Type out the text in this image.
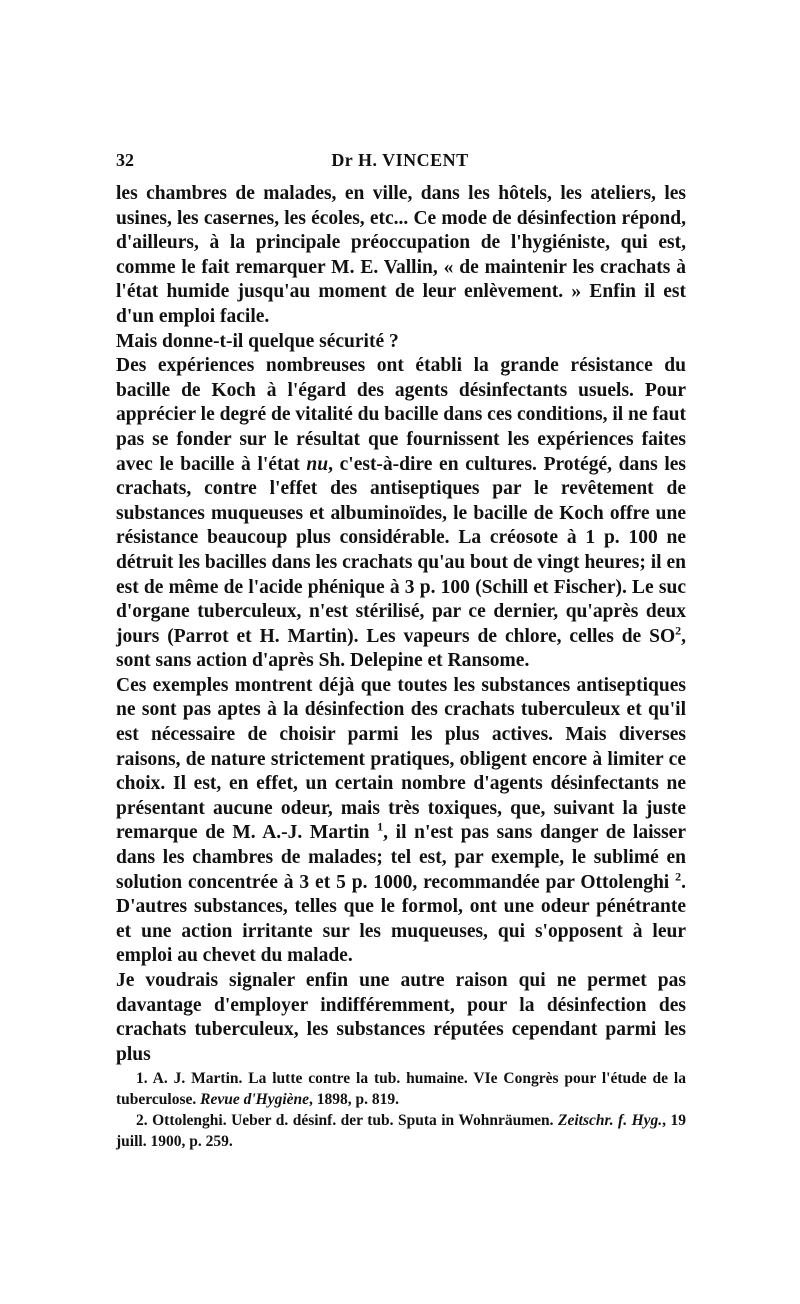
32	Dr H. VINCENT

les chambres de malades, en ville, dans les hôtels, les ateliers, les usines, les casernes, les écoles, etc... Ce mode de désinfection répond, d'ailleurs, à la principale préoccupation de l'hygiéniste, qui est, comme le fait remarquer M. E. Vallin, « de maintenir les crachats à l'état humide jusqu'au moment de leur enlèvement. » Enfin il est d'un emploi facile.

Mais donne-t-il quelque sécurité ?

Des expériences nombreuses ont établi la grande résistance du bacille de Koch à l'égard des agents désinfectants usuels. Pour apprécier le degré de vitalité du bacille dans ces conditions, il ne faut pas se fonder sur le résultat que fournissent les expériences faites avec le bacille à l'état nu, c'est-à-dire en cultures. Protégé, dans les crachats, contre l'effet des antiseptiques par le revêtement de substances muqueuses et albuminoïdes, le bacille de Koch offre une résistance beaucoup plus considérable. La créosote à 1 p. 100 ne détruit les bacilles dans les crachats qu'au bout de vingt heures; il en est de même de l'acide phénique à 3 p. 100 (Schill et Fischer). Le suc d'organe tuberculeux, n'est stérilisé, par ce dernier, qu'après deux jours (Parrot et H. Martin). Les vapeurs de chlore, celles de $SO^2$, sont sans action d'après Sh. Delepine et Ransome.

Ces exemples montrent déjà que toutes les substances antiseptiques ne sont pas aptes à la désinfection des crachats tuberculeux et qu'il est nécessaire de choisir parmi les plus actives. Mais diverses raisons, de nature strictement pratiques, obligent encore à limiter ce choix. Il est, en effet, un certain nombre d'agents désinfectants ne présentant aucune odeur, mais très toxiques, que, suivant la juste remarque de M. A.-J. Martin $^1$, il n'est pas sans danger de laisser dans les chambres de malades; tel est, par exemple, le sublimé en solution concentrée à 3 et 5 p. 1000, recommandée par Ottolenghi $^2$. D'autres substances, telles que le formol, ont une odeur pénétrante et une action irritante sur les muqueuses, qui s'opposent à leur emploi au chevet du malade.

Je voudrais signaler enfin une autre raison qui ne permet pas davantage d'employer indifféremment, pour la désinfection des crachats tuberculeux, les substances réputées cependant parmi les plus

1. A. J. Martin. La lutte contre la tub. humaine. VIe Congrès pour l'étude de la tuberculose. Revue d'Hygiène, 1898, p. 819.

2. Ottolenghi. Ueber d. désinf. der tub. Sputa in Wohnräumen. Zeitschr. f. Hyg., 19 juill. 1900, p. 259.
